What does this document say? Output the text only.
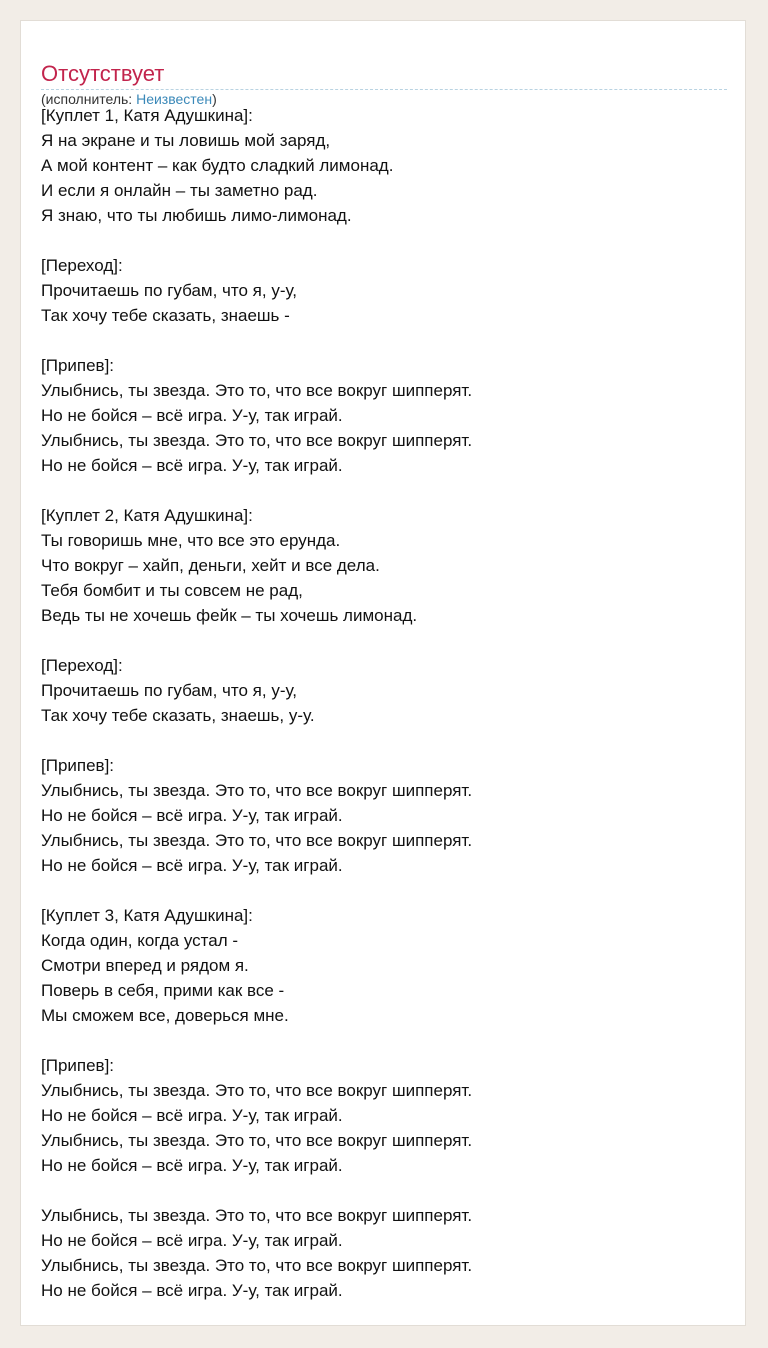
Отсутствует
(исполнитель: Неизвестен)

[Куплет 1, Катя Адушкина]:
Я на экране и ты ловишь мой заряд,
А мой контент – как будто сладкий лимонад.
И если я онлайн – ты заметно рад.
Я знаю, что ты любишь лимо-лимонад.

[Переход]:
Прочитаешь по губам, что я, у-у,
Так хочу тебе сказать, знаешь -

[Припев]:
Улыбнись, ты звезда. Это то, что все вокруг шипперят.
Но не бойся – всё игра. У-у, так играй.
Улыбнись, ты звезда. Это то, что все вокруг шипперят.
Но не бойся – всё игра. У-у, так играй.

[Куплет 2, Катя Адушкина]:
Ты говоришь мне, что все это ерунда.
Что вокруг – хайп, деньги, хейт и все дела.
Тебя бомбит и ты совсем не рад,
Ведь ты не хочешь фейк – ты хочешь лимонад.

[Переход]:
Прочитаешь по губам, что я, у-у,
Так хочу тебе сказать, знаешь, у-у.

[Припев]:
Улыбнись, ты звезда. Это то, что все вокруг шипперят.
Но не бойся – всё игра. У-у, так играй.
Улыбнись, ты звезда. Это то, что все вокруг шипперят.
Но не бойся – всё игра. У-у, так играй.

[Куплет 3, Катя Адушкина]:
Когда один, когда устал -
Смотри вперед и рядом я.
Поверь в себя, прими как все -
Мы сможем все, доверься мне.

[Припев]:
Улыбнись, ты звезда. Это то, что все вокруг шипперят.
Но не бойся – всё игра. У-у, так играй.
Улыбнись, ты звезда. Это то, что все вокруг шипперят.
Но не бойся – всё игра. У-у, так играй.

Улыбнись, ты звезда. Это то, что все вокруг шипперят.
Но не бойся – всё игра. У-у, так играй.
Улыбнись, ты звезда. Это то, что все вокруг шипперят.
Но не бойся – всё игра. У-у, так играй.
